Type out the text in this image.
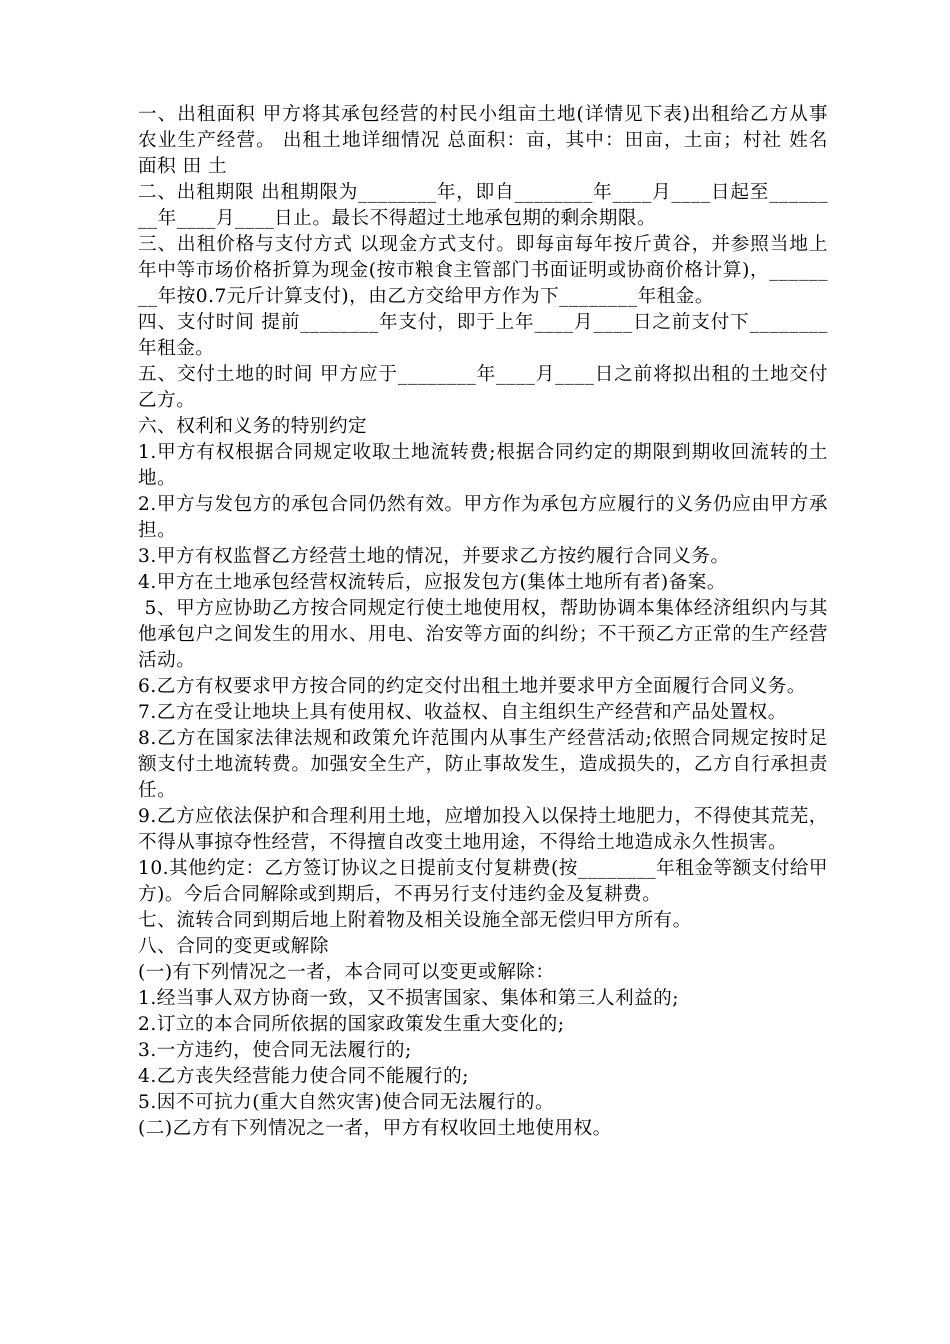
一、出租面积 甲方将其承包经营的村民小组亩土地(详情见下表)出租给乙方从事农业生产经营。 出租土地详细情况 总面积：亩，其中：田亩，土亩；村社 姓名 面积 田 土

二、出租期限 出租期限为________年，即自________年____月____日起至________年____月____日止。最长不得超过土地承包期的剩余期限。

三、出租价格与支付方式 以现金方式支付。即每亩每年按斤黄谷，并参照当地上年中等市场价格折算为现金(按市粮食主管部门书面证明或协商价格计算)，________年按0.7元斤计算支付)，由乙方交给甲方作为下________年租金。

四、支付时间 提前________年支付，即于上年____月____日之前支付下________年租金。

五、交付土地的时间 甲方应于________年____月____日之前将拟出租的土地交付乙方。

六、权利和义务的特别约定

1.甲方有权根据合同规定收取土地流转费;根据合同约定的期限到期收回流转的土地。

2.甲方与发包方的承包合同仍然有效。甲方作为承包方应履行的义务仍应由甲方承担。

3.甲方有权监督乙方经营土地的情况，并要求乙方按约履行合同义务。

4.甲方在土地承包经营权流转后，应报发包方(集体土地所有者)备案。

5、甲方应协助乙方按合同规定行使土地使用权，帮助协调本集体经济组织内与其他承包户之间发生的用水、用电、治安等方面的纠纷；不干预乙方正常的生产经营活动。

6.乙方有权要求甲方按合同的约定交付出租土地并要求甲方全面履行合同义务。

7.乙方在受让地块上具有使用权、收益权、自主组织生产经营和产品处置权。

8.乙方在国家法律法规和政策允许范围内从事生产经营活动;依照合同规定按时足额支付土地流转费。加强安全生产，防止事故发生，造成损失的，乙方自行承担责任。

9.乙方应依法保护和合理利用土地，应增加投入以保持土地肥力，不得使其荒芜，不得从事掠夺性经营，不得擅自改变土地用途，不得给土地造成永久性损害。

10.其他约定：乙方签订协议之日提前支付复耕费(按________年租金等额支付给甲方)。今后合同解除或到期后，不再另行支付违约金及复耕费。

七、流转合同到期后地上附着物及相关设施全部无偿归甲方所有。

八、合同的变更或解除

(一)有下列情况之一者，本合同可以变更或解除：

1.经当事人双方协商一致，又不损害国家、集体和第三人利益的;

2.订立的本合同所依据的国家政策发生重大变化的;

3.一方违约，使合同无法履行的;

4.乙方丧失经营能力使合同不能履行的;

5.因不可抗力(重大自然灾害)使合同无法履行的。

(二)乙方有下列情况之一者，甲方有权收回土地使用权。
